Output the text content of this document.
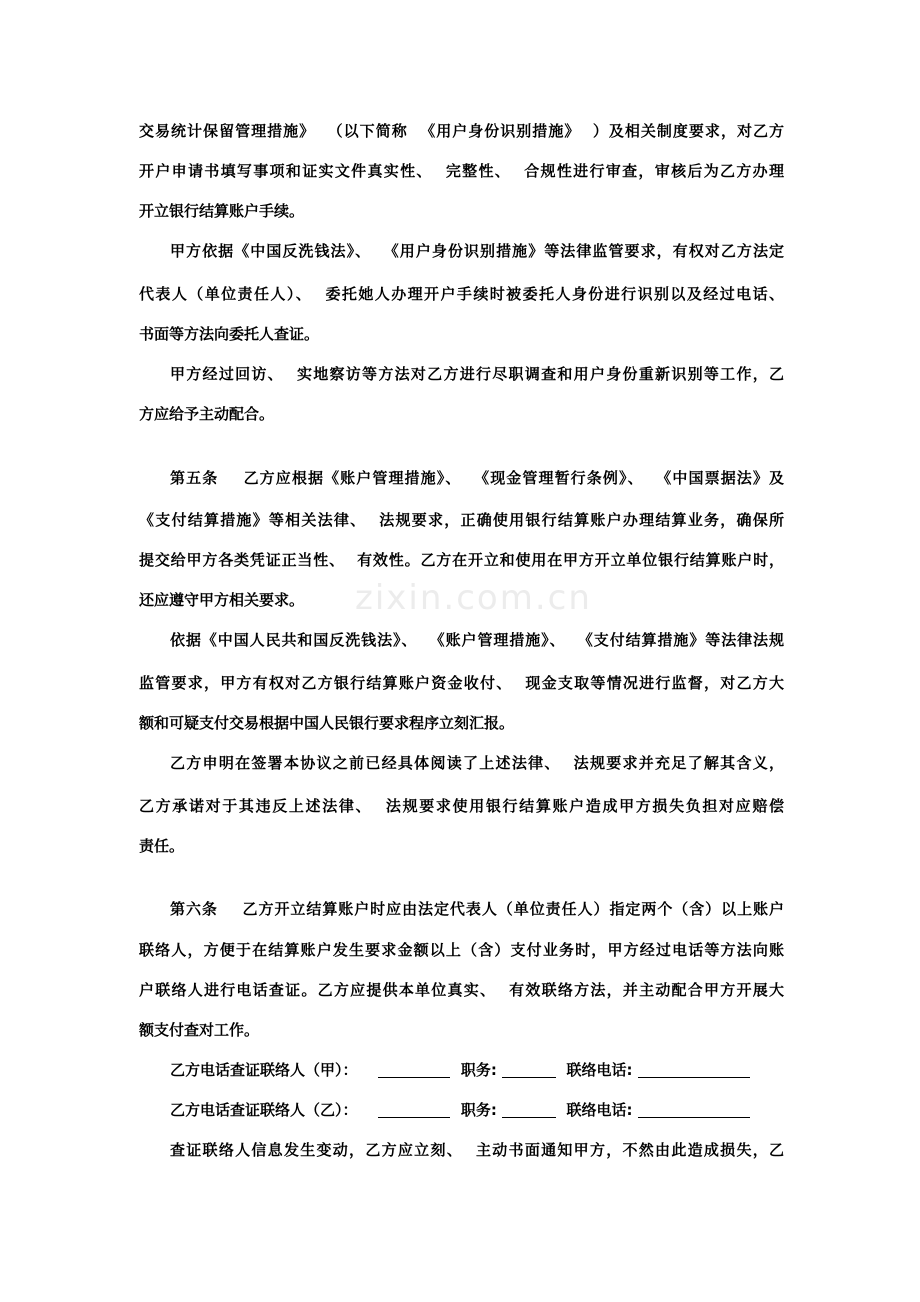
zixin.com.cn
交易统计保留管理措施》  （以下简称  《用户身份识别措施》  ）及相关制度要求，对乙方
开户申请书填写事项和证实文件真实性、  完整性、  合规性进行审查，审核后为乙方办理
开立银行结算账户手续。
甲方依据《中国反洗钱法》、  《用户身份识别措施》等法律监管要求，有权对乙方法定
代表人（单位责任人）、  委托她人办理开户手续时被委托人身份进行识别以及经过电话、
书面等方法向委托人查证。
甲方经过回访、  实地察访等方法对乙方进行尽职调查和用户身份重新识别等工作，乙
方应给予主动配合。
第五条    乙方应根据《账户管理措施》、  《现金管理暂行条例》、  《中国票据法》及
《支付结算措施》等相关法律、  法规要求，正确使用银行结算账户办理结算业务，确保所
提交给甲方各类凭证正当性、  有效性。乙方在开立和使用在甲方开立单位银行结算账户时，
还应遵守甲方相关要求。
依据《中国人民共和国反洗钱法》、  《账户管理措施》、  《支付结算措施》等法律法规
监管要求，甲方有权对乙方银行结算账户资金收付、  现金支取等情况进行监督，对乙方大
额和可疑支付交易根据中国人民银行要求程序立刻汇报。
乙方申明在签署本协议之前已经具体阅读了上述法律、  法规要求并充足了解其含义，
乙方承诺对于其违反上述法律、  法规要求使用银行结算账户造成甲方损失负担对应赔偿
责任。
第六条    乙方开立结算账户时应由法定代表人（单位责任人）指定两个（含）以上账户
联络人，方便于在结算账户发生要求金额以上（含）支付业务时，甲方经过电话等方法向账
户联络人进行电话查证。乙方应提供本单位真实、  有效联络方法，并主动配合甲方开展大
额支付查对工作。
乙方电话查证联络人（甲）：	职务:	联络电话:
乙方电话查证联络人（乙）：	职务:	联络电话:
查证联络人信息发生变动，乙方应立刻、  主动书面通知甲方，不然由此造成损失，乙
